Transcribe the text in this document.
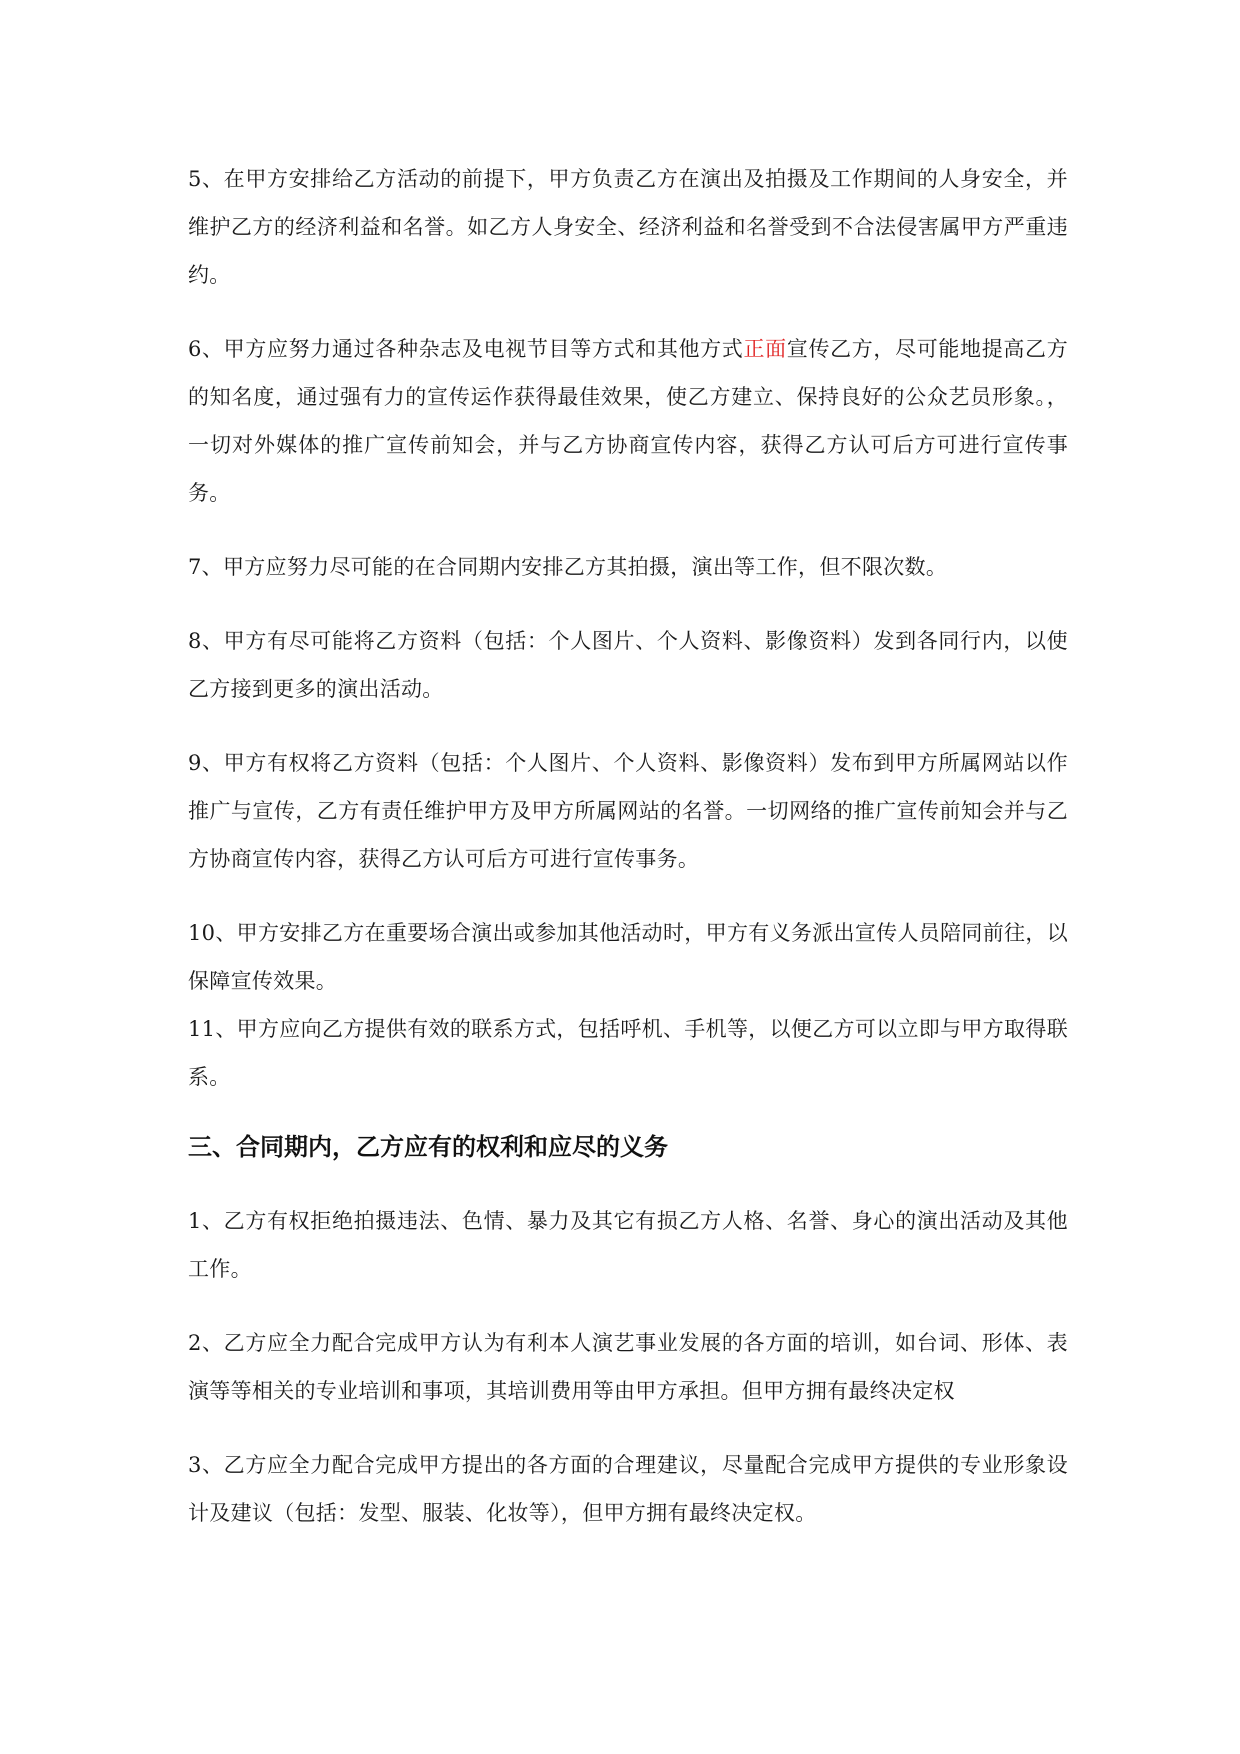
5、在甲方安排给乙方活动的前提下，甲方负责乙方在演出及拍摄及工作期间的人身安全，并维护乙方的经济利益和名誉。如乙方人身安全、经济利益和名誉受到不合法侵害属甲方严重违约。

6、甲方应努力通过各种杂志及电视节目等方式和其他方式正面宣传乙方，尽可能地提高乙方的知名度，通过强有力的宣传运作获得最佳效果，使乙方建立、保持良好的公众艺员形象。，一切对外媒体的推广宣传前知会，并与乙方协商宣传内容，获得乙方认可后方可进行宣传事务。

7、甲方应努力尽可能的在合同期内安排乙方其拍摄，演出等工作，但不限次数。

8、甲方有尽可能将乙方资料（包括：个人图片、个人资料、影像资料）发到各同行内，以使乙方接到更多的演出活动。

9、甲方有权将乙方资料（包括：个人图片、个人资料、影像资料）发布到甲方所属网站以作推广与宣传，乙方有责任维护甲方及甲方所属网站的名誉。一切网络的推广宣传前知会并与乙方协商宣传内容，获得乙方认可后方可进行宣传事务。

10、甲方安排乙方在重要场合演出或参加其他活动时，甲方有义务派出宣传人员陪同前往，以保障宣传效果。

11、甲方应向乙方提供有效的联系方式，包括呼机、手机等，以便乙方可以立即与甲方取得联系。

三、合同期内，乙方应有的权利和应尽的义务

1、乙方有权拒绝拍摄违法、色情、暴力及其它有损乙方人格、名誉、身心的演出活动及其他工作。

2、乙方应全力配合完成甲方认为有利本人演艺事业发展的各方面的培训，如台词、形体、表演等等相关的专业培训和事项，其培训费用等由甲方承担。但甲方拥有最终决定权

3、乙方应全力配合完成甲方提出的各方面的合理建议，尽量配合完成甲方提供的专业形象设计及建议（包括：发型、服装、化妆等），但甲方拥有最终决定权。
